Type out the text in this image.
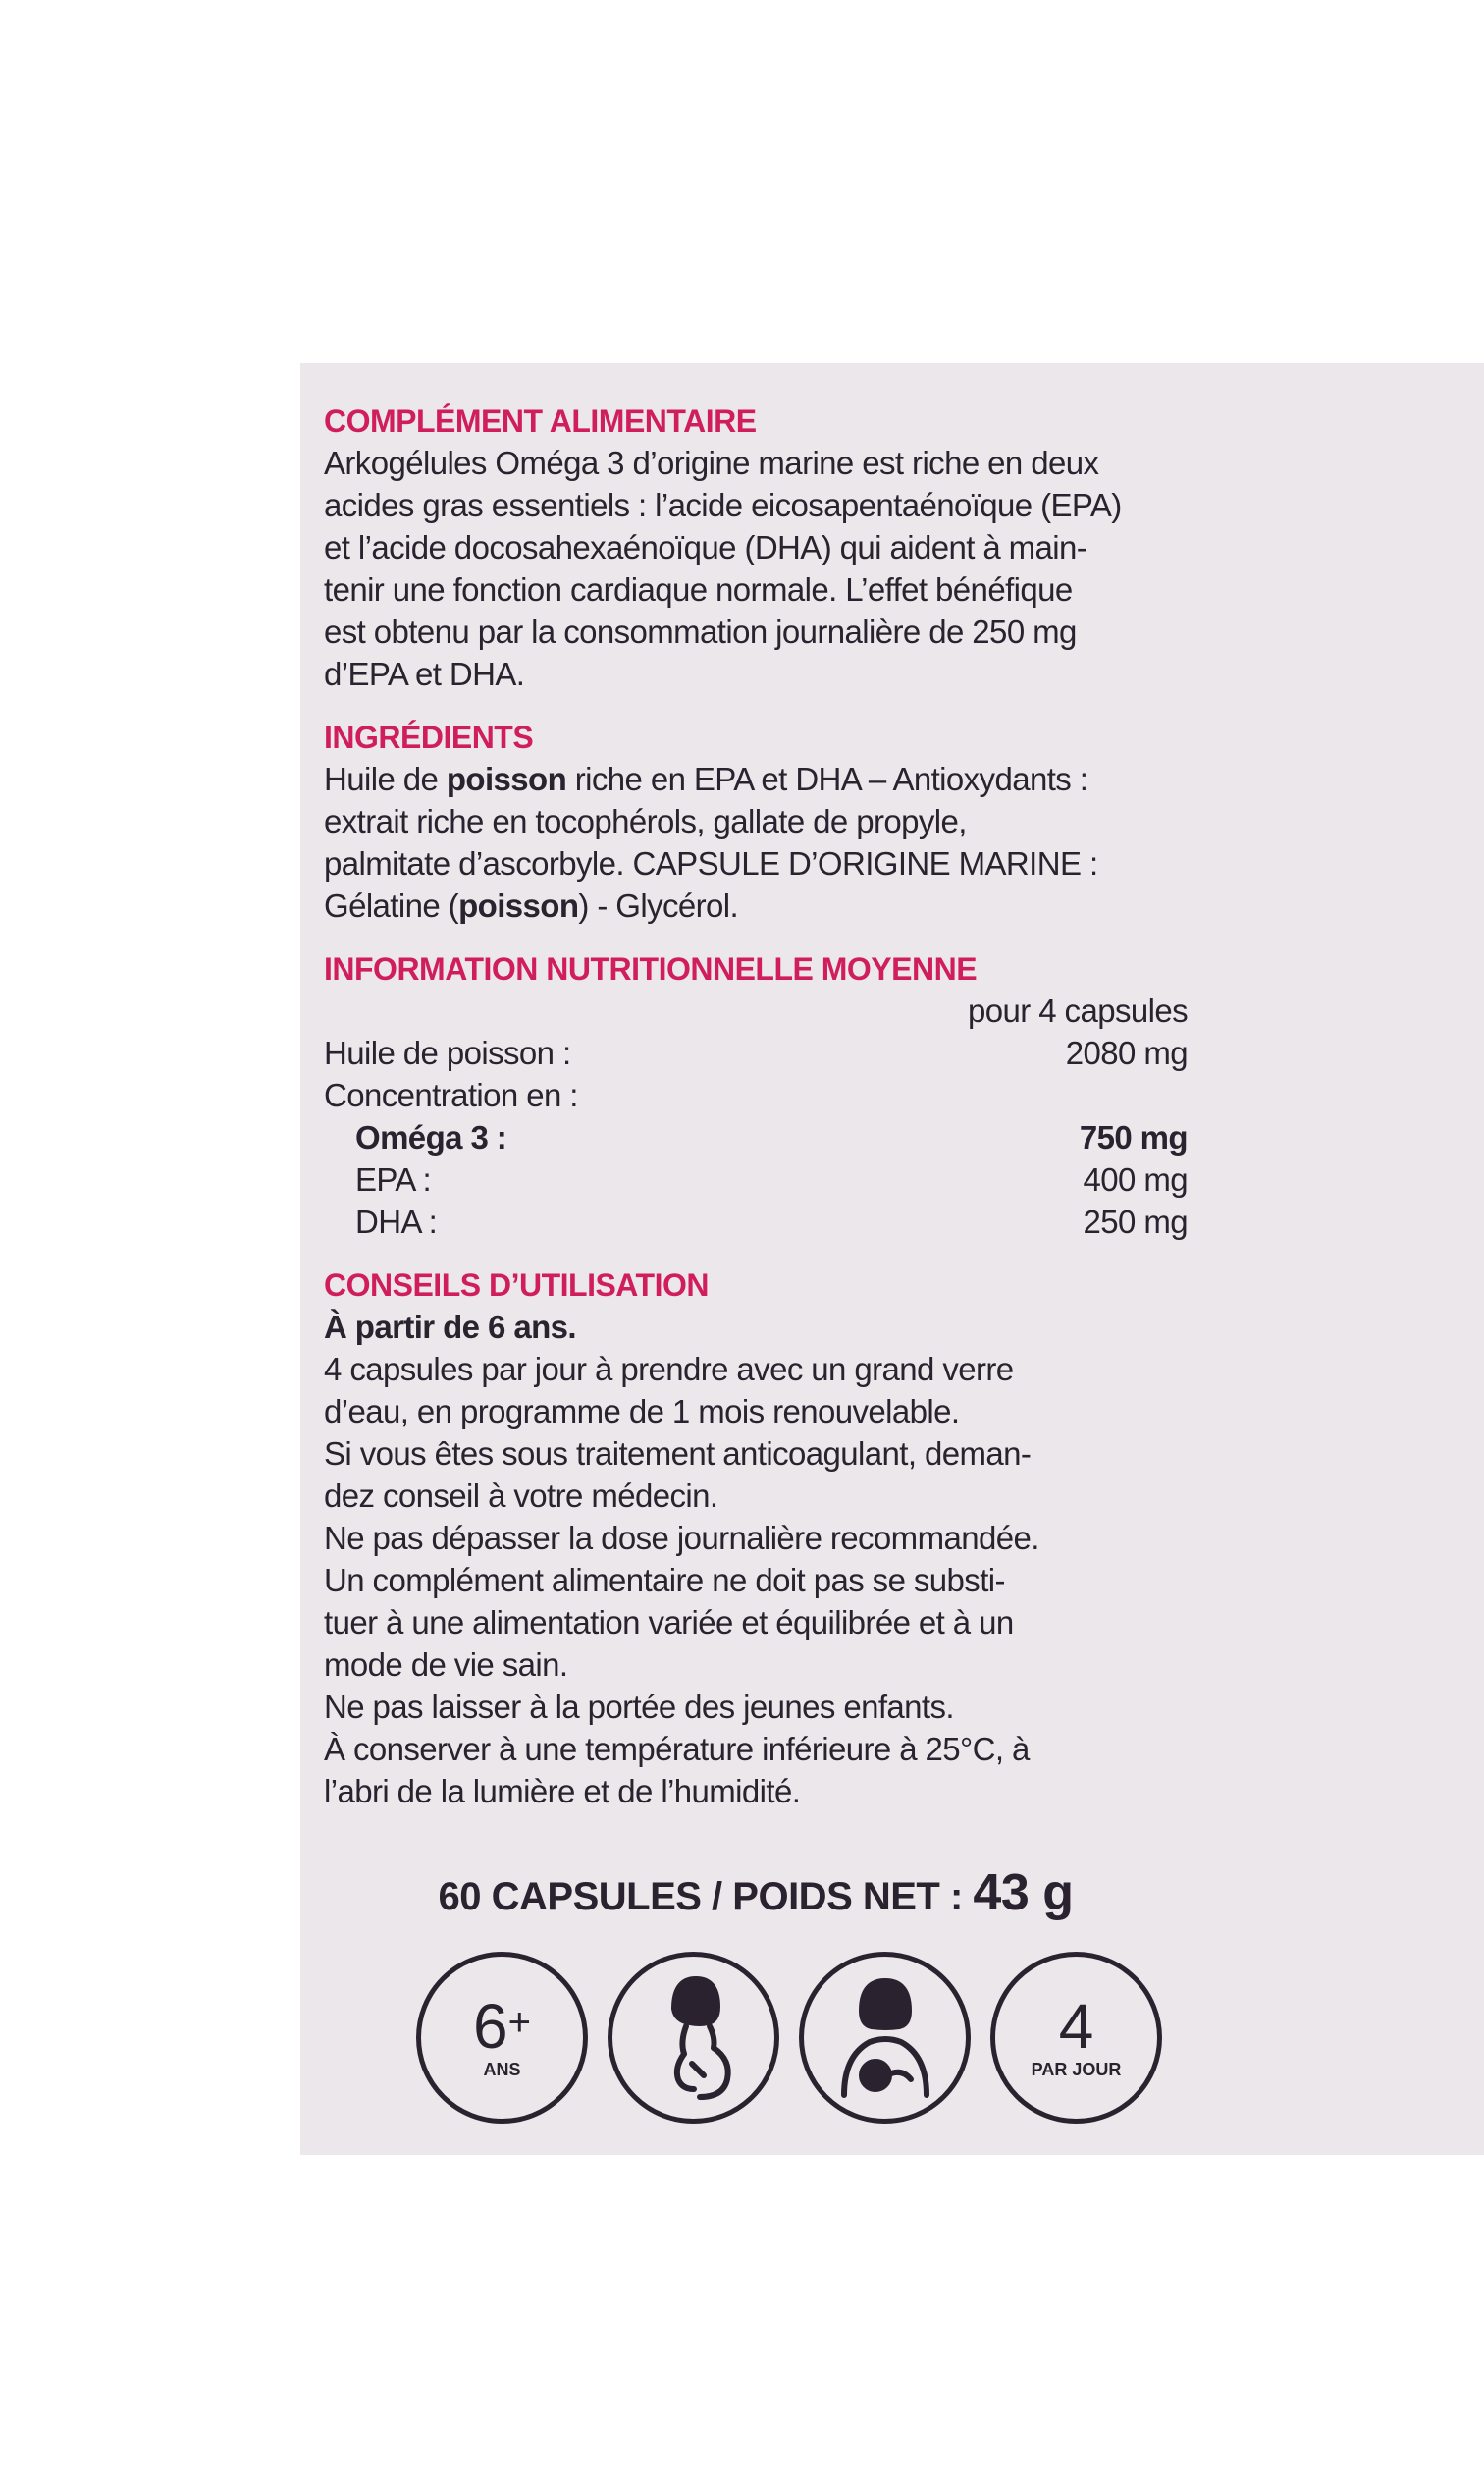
COMPLÉMENT ALIMENTAIRE

Arkogélules Oméga 3 d’origine marine est riche en deux

acides gras essentiels : l’acide eicosapentaénoïque (EPA)

et l’acide docosahexaénoïque (DHA) qui aident à main-

tenir une fonction cardiaque normale. L’effet bénéfique

est obtenu par la consommation journalière de 250 mg

d’EPA et DHA.

INGRÉDIENTS

Huile de poisson riche en EPA et DHA – Antioxydants :

extrait riche en tocophérols, gallate de propyle,

palmitate d’ascorbyle. CAPSULE D’ORIGINE MARINE :

Gélatine (poisson) - Glycérol.

INFORMATION NUTRITIONNELLE MOYENNE

pour 4 capsules
Huile de poisson :	2080 mg
Concentration en :
Oméga 3 :	750 mg
EPA :	400 mg
DHA :	250 mg

CONSEILS D’UTILISATION

À partir de 6 ans.

4 capsules par jour à prendre avec un grand verre

d’eau, en programme de 1 mois renouvelable.

Si vous êtes sous traitement anticoagulant, deman-

dez conseil à votre médecin.

Ne pas dépasser la dose journalière recommandée.

Un complément alimentaire ne doit pas se substi-

tuer à une alimentation variée et équilibrée et à un

mode de vie sain.

Ne pas laisser à la portée des jeunes enfants.

À conserver à une température inférieure à 25°C, à

l’abri de la lumière et de l’humidité.

60 CAPSULES / POIDS NET : 43 g
6+
ANS
4
PAR JOUR
